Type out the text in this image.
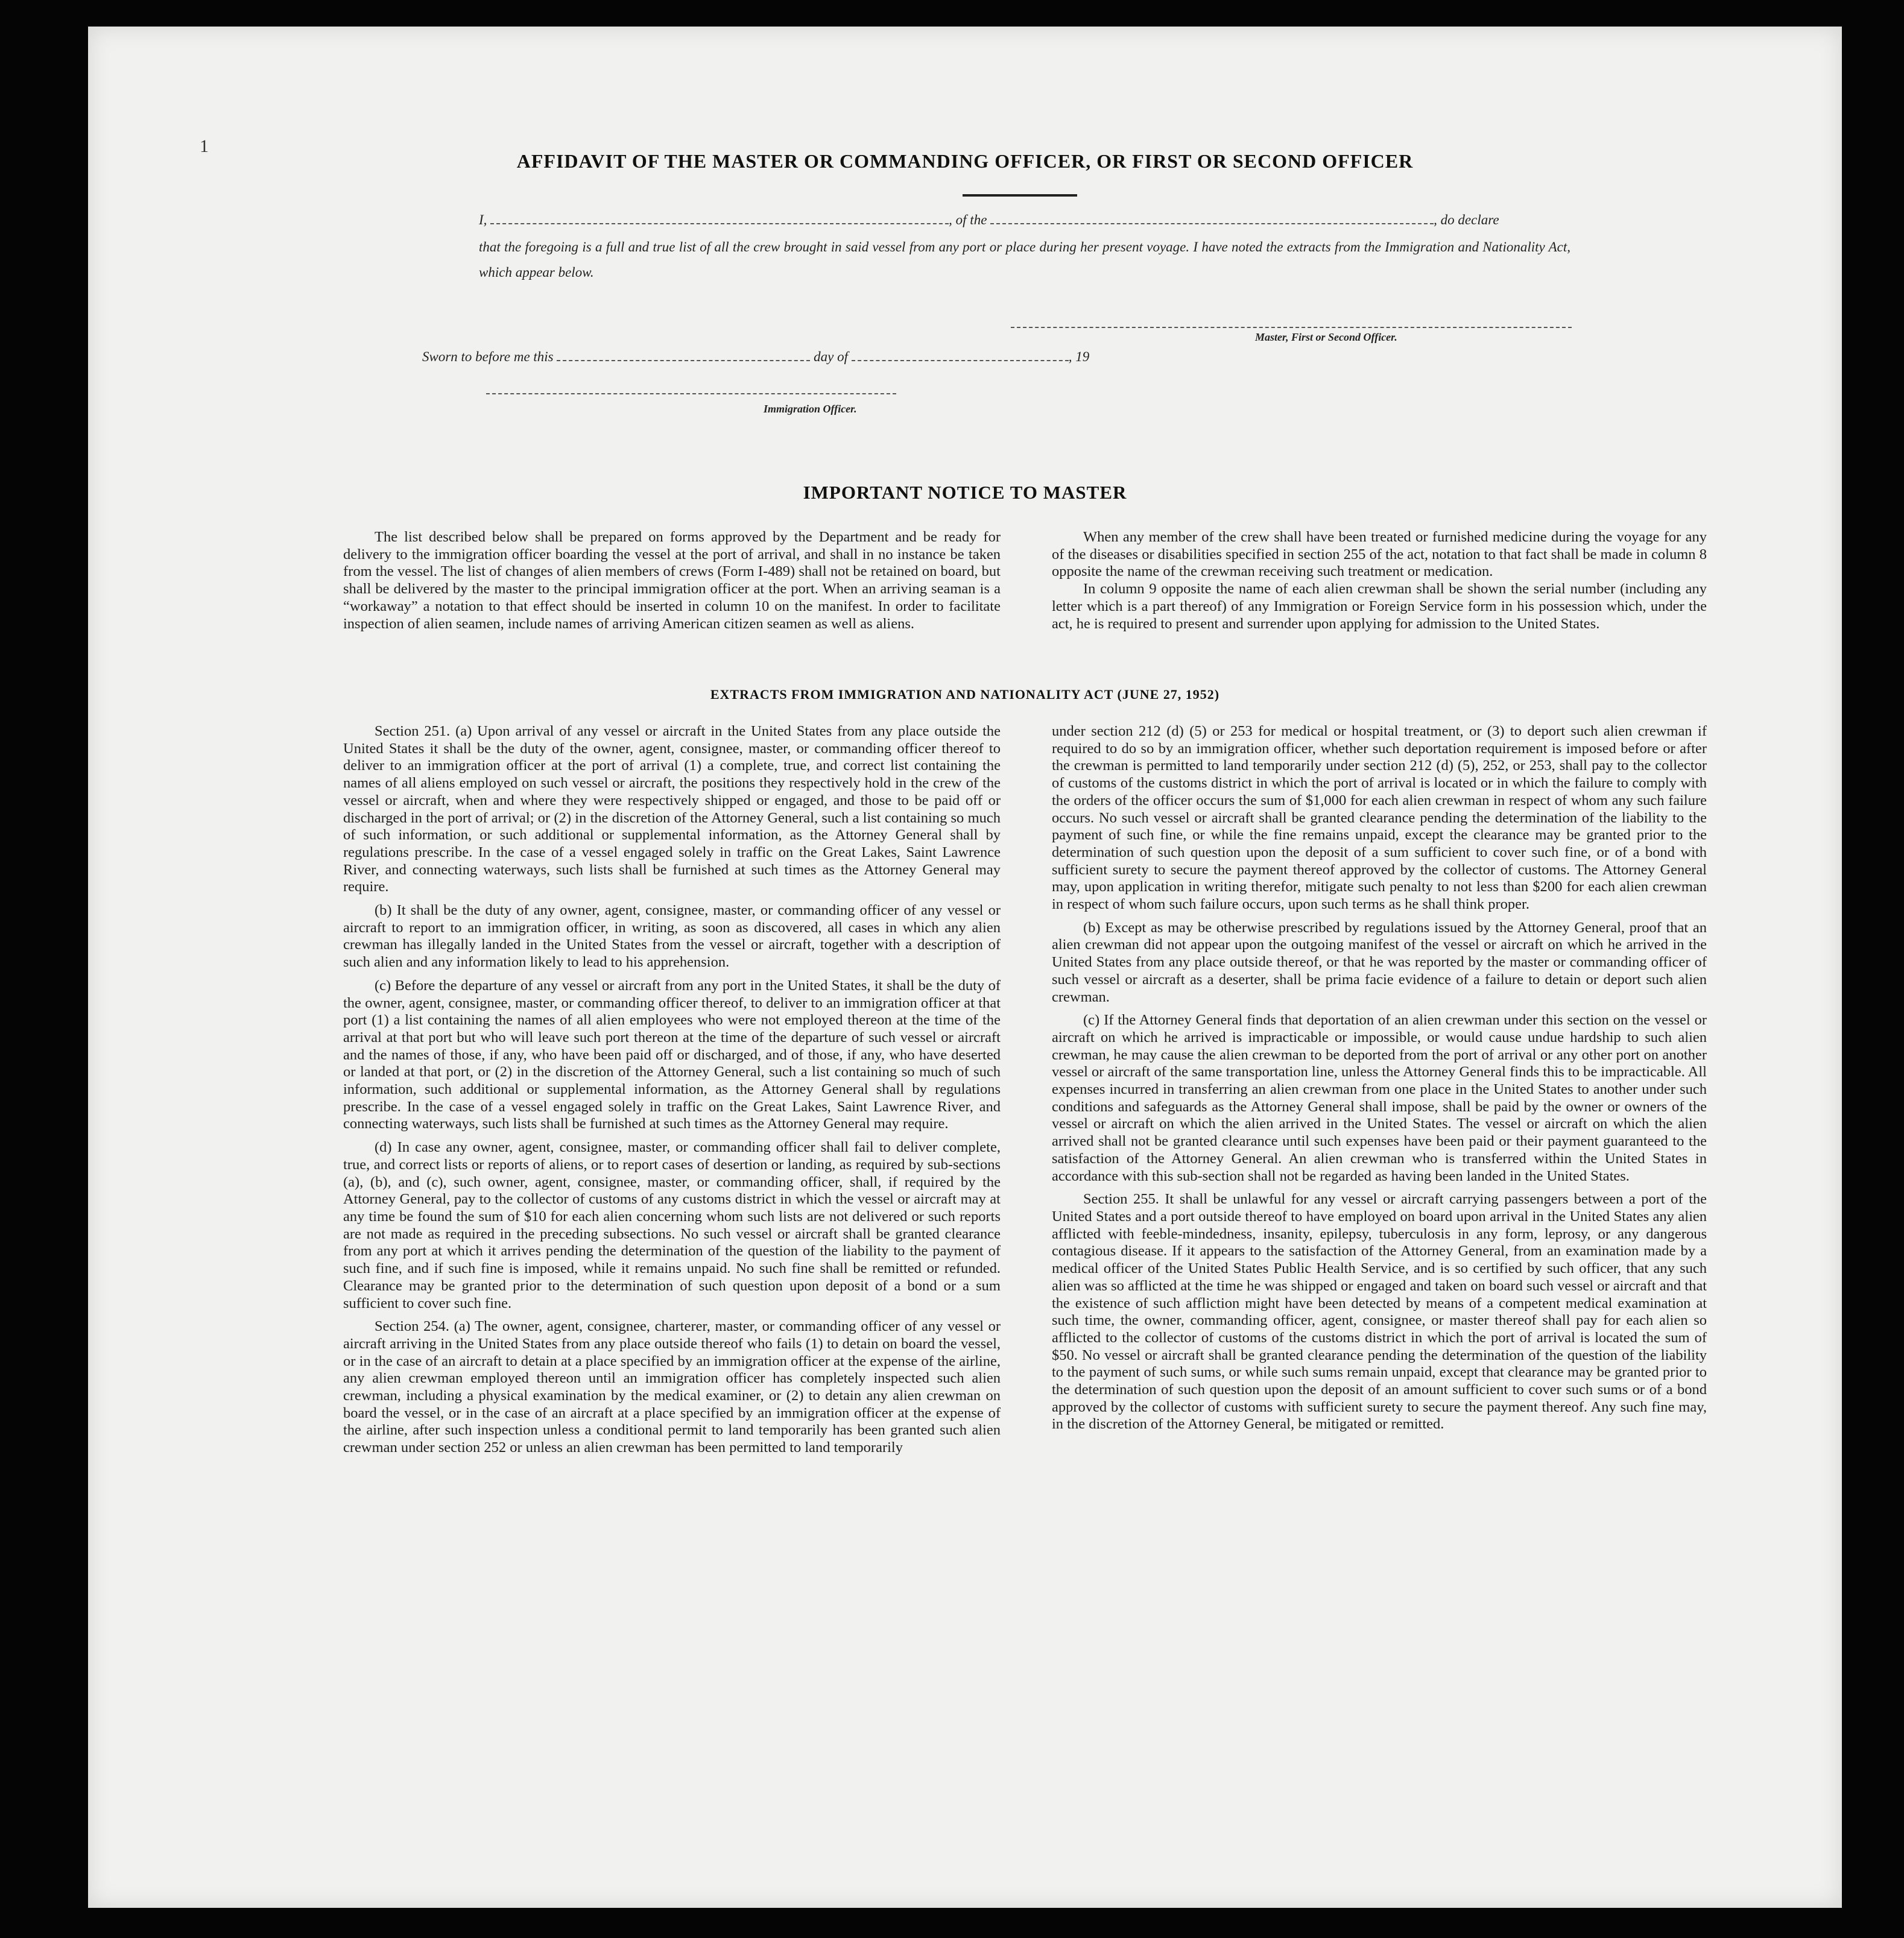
1
AFFIDAVIT OF THE MASTER OR COMMANDING OFFICER, OR FIRST OR SECOND OFFICER
I,	, of the	, do declare
that the foregoing is a full and true list of all the crew brought in said vessel from any port or place during her present voyage. I have noted the extracts from the Immigration and Nationality Act, which appear below.
Master, First or Second Officer.
Sworn to before me this	day of	, 19
Immigration Officer.
IMPORTANT NOTICE TO MASTER

The list described below shall be prepared on forms approved by the Department and be ready for delivery to the immigration officer boarding the vessel at the port of arrival, and shall in no instance be taken from the vessel. The list of changes of alien members of crews (Form I-489) shall not be retained on board, but shall be delivered by the master to the principal immigration officer at the port. When an arriving seaman is a “workaway” a notation to that effect should be inserted in column 10 on the manifest. In order to facilitate inspection of alien seamen, include names of arriving American citizen seamen as well as aliens.

When any member of the crew shall have been treated or furnished medicine during the voyage for any of the diseases or disabilities specified in section 255 of the act, notation to that fact shall be made in column 8 opposite the name of the crewman receiving such treatment or medication.

In column 9 opposite the name of each alien crewman shall be shown the serial number (including any letter which is a part thereof) of any Immigration or Foreign Service form in his possession which, under the act, he is required to present and surrender upon applying for admission to the United States.

EXTRACTS FROM IMMIGRATION AND NATIONALITY ACT (JUNE 27, 1952)

Section 251. (a) Upon arrival of any vessel or aircraft in the United States from any place outside the United States it shall be the duty of the owner, agent, consignee, master, or commanding officer thereof to deliver to an immigration officer at the port of arrival (1) a complete, true, and correct list containing the names of all aliens employed on such vessel or aircraft, the positions they respectively hold in the crew of the vessel or aircraft, when and where they were respectively shipped or engaged, and those to be paid off or discharged in the port of arrival; or (2) in the discretion of the Attorney General, such a list containing so much of such information, or such additional or supplemental information, as the Attorney General shall by regulations prescribe. In the case of a vessel engaged solely in traffic on the Great Lakes, Saint Lawrence River, and connecting waterways, such lists shall be furnished at such times as the Attorney General may require.

(b) It shall be the duty of any owner, agent, consignee, master, or commanding officer of any vessel or aircraft to report to an immigration officer, in writing, as soon as discovered, all cases in which any alien crewman has illegally landed in the United States from the vessel or aircraft, together with a description of such alien and any information likely to lead to his apprehension.

(c) Before the departure of any vessel or aircraft from any port in the United States, it shall be the duty of the owner, agent, consignee, master, or commanding officer thereof, to deliver to an immigration officer at that port (1) a list containing the names of all alien employees who were not employed thereon at the time of the arrival at that port but who will leave such port thereon at the time of the departure of such vessel or aircraft and the names of those, if any, who have been paid off or discharged, and of those, if any, who have deserted or landed at that port, or (2) in the discretion of the Attorney General, such a list containing so much of such information, such additional or supplemental information, as the Attorney General shall by regulations prescribe. In the case of a vessel engaged solely in traffic on the Great Lakes, Saint Lawrence River, and connecting waterways, such lists shall be furnished at such times as the Attorney General may require.

(d) In case any owner, agent, consignee, master, or commanding officer shall fail to deliver complete, true, and correct lists or reports of aliens, or to report cases of desertion or landing, as required by sub-sections (a), (b), and (c), such owner, agent, consignee, master, or commanding officer, shall, if required by the Attorney General, pay to the collector of customs of any customs district in which the vessel or aircraft may at any time be found the sum of $10 for each alien concerning whom such lists are not delivered or such reports are not made as required in the preceding subsections. No such vessel or aircraft shall be granted clearance from any port at which it arrives pending the determination of the question of the liability to the payment of such fine, and if such fine is imposed, while it remains unpaid. No such fine shall be remitted or refunded. Clearance may be granted prior to the determination of such question upon deposit of a bond or a sum sufficient to cover such fine.

Section 254. (a) The owner, agent, consignee, charterer, master, or commanding officer of any vessel or aircraft arriving in the United States from any place outside thereof who fails (1) to detain on board the vessel, or in the case of an aircraft to detain at a place specified by an immigration officer at the expense of the airline, any alien crewman employed thereon until an immigration officer has completely inspected such alien crewman, including a physical examination by the medical examiner, or (2) to detain any alien crewman on board the vessel, or in the case of an aircraft at a place specified by an immigration officer at the expense of the airline, after such inspection unless a conditional permit to land temporarily has been granted such alien crewman under section 252 or unless an alien crewman has been permitted to land temporarily

under section 212 (d) (5) or 253 for medical or hospital treatment, or (3) to deport such alien crewman if required to do so by an immigration officer, whether such deportation requirement is imposed before or after the crewman is permitted to land temporarily under section 212 (d) (5), 252, or 253, shall pay to the collector of customs of the customs district in which the port of arrival is located or in which the failure to comply with the orders of the officer occurs the sum of $1,000 for each alien crewman in respect of whom any such failure occurs. No such vessel or aircraft shall be granted clearance pending the determination of the liability to the payment of such fine, or while the fine remains unpaid, except the clearance may be granted prior to the determination of such question upon the deposit of a sum sufficient to cover such fine, or of a bond with sufficient surety to secure the payment thereof approved by the collector of customs. The Attorney General may, upon application in writing therefor, mitigate such penalty to not less than $200 for each alien crewman in respect of whom such failure occurs, upon such terms as he shall think proper.

(b) Except as may be otherwise prescribed by regulations issued by the Attorney General, proof that an alien crewman did not appear upon the outgoing manifest of the vessel or aircraft on which he arrived in the United States from any place outside thereof, or that he was reported by the master or commanding officer of such vessel or aircraft as a deserter, shall be prima facie evidence of a failure to detain or deport such alien crewman.

(c) If the Attorney General finds that deportation of an alien crewman under this section on the vessel or aircraft on which he arrived is impracticable or impossible, or would cause undue hardship to such alien crewman, he may cause the alien crewman to be deported from the port of arrival or any other port on another vessel or aircraft of the same transportation line, unless the Attorney General finds this to be impracticable. All expenses incurred in transferring an alien crewman from one place in the United States to another under such conditions and safeguards as the Attorney General shall impose, shall be paid by the owner or owners of the vessel or aircraft on which the alien arrived in the United States. The vessel or aircraft on which the alien arrived shall not be granted clearance until such expenses have been paid or their payment guaranteed to the satisfaction of the Attorney General. An alien crewman who is transferred within the United States in accordance with this sub-section shall not be regarded as having been landed in the United States.

Section 255. It shall be unlawful for any vessel or aircraft carrying passengers between a port of the United States and a port outside thereof to have employed on board upon arrival in the United States any alien afflicted with feeble-mindedness, insanity, epilepsy, tuberculosis in any form, leprosy, or any dangerous contagious disease. If it appears to the satisfaction of the Attorney General, from an examination made by a medical officer of the United States Public Health Service, and is so certified by such officer, that any such alien was so afflicted at the time he was shipped or engaged and taken on board such vessel or aircraft and that the existence of such affliction might have been detected by means of a competent medical examination at such time, the owner, commanding officer, agent, consignee, or master thereof shall pay for each alien so afflicted to the collector of customs of the customs district in which the port of arrival is located the sum of $50. No vessel or aircraft shall be granted clearance pending the determination of the question of the liability to the payment of such sums, or while such sums remain unpaid, except that clearance may be granted prior to the determination of such question upon the deposit of an amount sufficient to cover such sums or of a bond approved by the collector of customs with sufficient surety to secure the payment thereof. Any such fine may, in the discretion of the Attorney General, be mitigated or remitted.
